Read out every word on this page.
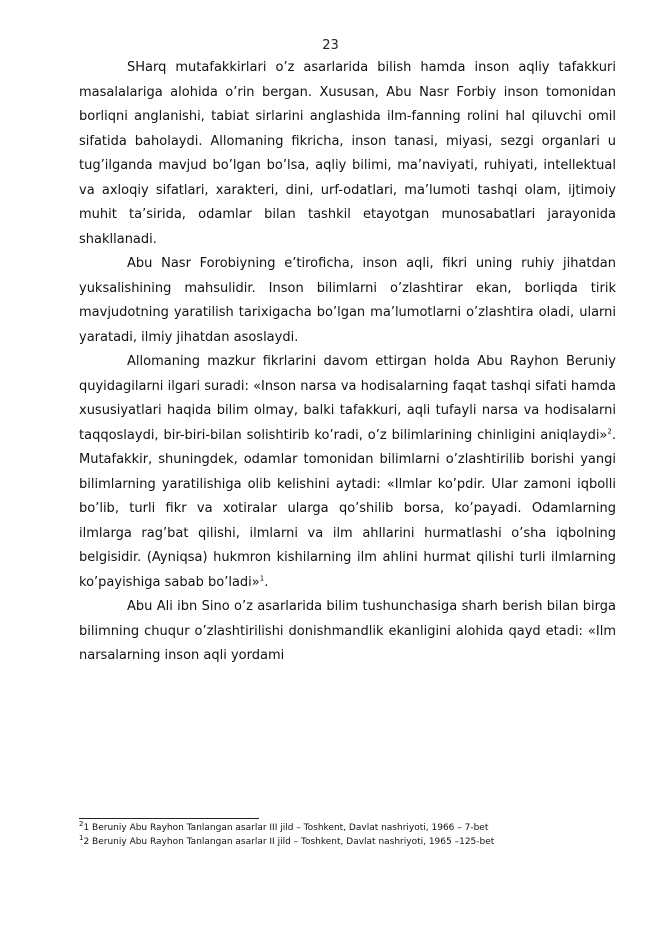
23

SHarq mutafakkirlari o’z asarlarida bilish hamda inson aqliy tafakkuri masalalariga alohida o’rin bergan. Xususan, Abu Nasr Forbiy inson tomonidan borliqni anglanishi, tabiat sirlarini anglashida ilm-fanning rolini hal qiluvchi omil sifatida baholaydi. Allomaning fikricha, inson tanasi, miyasi, sezgi organlari u tug’ilganda mavjud bo’lgan bo’lsa, aqliy bilimi, ma’naviyati, ruhiyati, intellektual va axloqiy sifatlari, xarakteri, dini, urf-odatlari, ma’lumoti tashqi olam, ijtimoiy muhit ta’sirida, odamlar bilan tashkil etayotgan munosabatlari jarayonida shakllanadi.

Abu Nasr Forobiyning e’tiroficha, inson aqli, fikri uning ruhiy jihatdan yuksalishining mahsulidir. Inson bilimlarni o’zlashtirar ekan, borliqda tirik mavjudotning yaratilish tarixigacha bo’lgan ma’lumotlarni o’zlashtira oladi, ularni yaratadi, ilmiy jihatdan asoslaydi.

Allomaning mazkur fikrlarini davom ettirgan holda Abu Rayhon Beruniy quyidagilarni ilgari suradi: «Inson narsa va hodisalarning faqat tashqi sifati hamda xususiyatlari haqida bilim olmay, balki tafakkuri, aqli tufayli narsa va hodisalarni taqqoslaydi, bir-biri-bilan solishtirib ko’radi, o’z bilimlarining chinligini aniqlaydi»$^2$. Mutafakkir, shuningdek, odamlar tomonidan bilimlarni o’zlashtirilib borishi yangi bilimlarning yaratilishiga olib kelishini aytadi: «Ilmlar ko’pdir. Ular zamoni iqbolli bo’lib, turli fikr va xotiralar ularga qo’shilib borsa, ko’payadi. Odamlarning ilmlarga rag’bat qilishi, ilmlarni va ilm ahllarini hurmatlashi o’sha iqbolning belgisidir. (Ayniqsa) hukmron kishilarning ilm ahlini hurmat qilishi turli ilmlarning ko’payishiga sabab bo’ladi»$^1$.

Abu Ali ibn Sino o’z asarlarida bilim tushunchasiga sharh berish bilan birga bilimning chuqur o’zlashtirilishi donishmandlik ekanligini alohida qayd etadi: «Ilm narsalarning inson aqli yordami

$^2$1 Beruniy Abu Rayhon Tanlangan asarlar III jild – Toshkent, Davlat nashriyoti, 1966 – 7-bet
$^1$2 Beruniy Abu Rayhon Tanlangan asarlar II jild – Toshkent, Davlat nashriyoti, 1965 –125-bet
